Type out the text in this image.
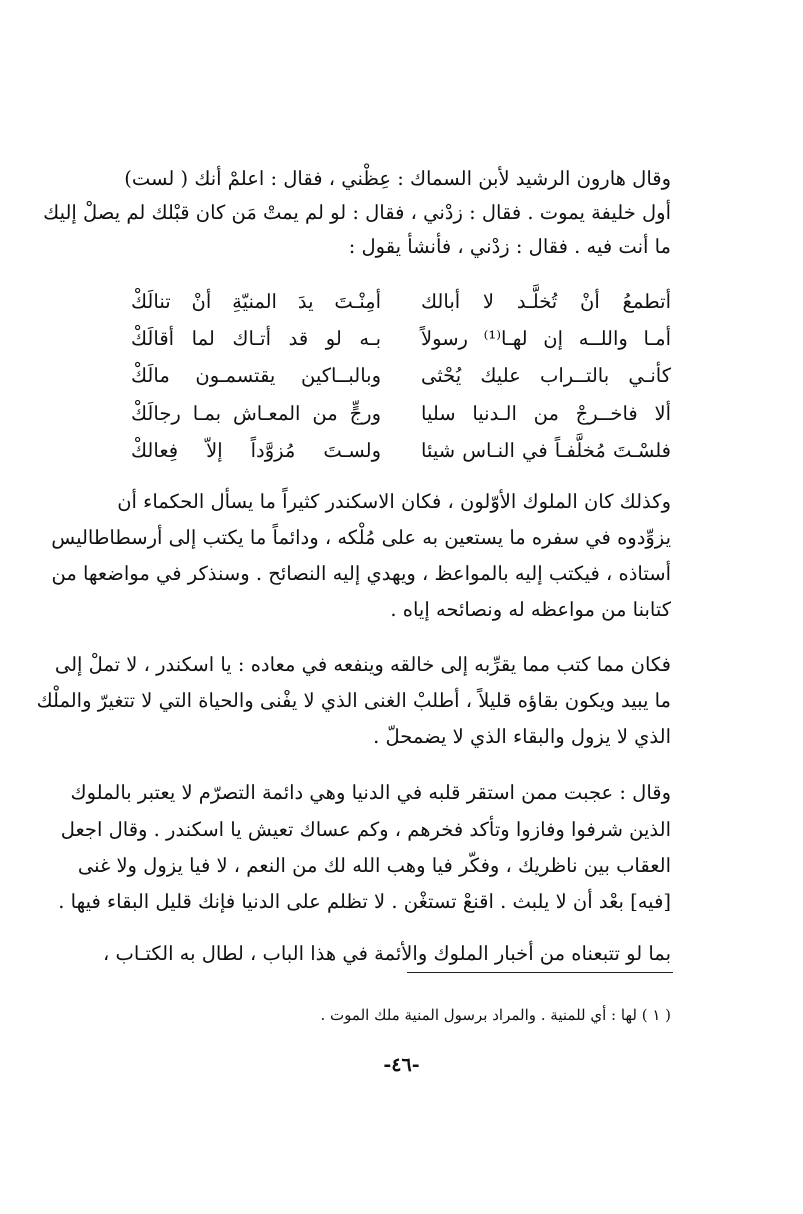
وقال هارون الرشيد لأبن السماك : عِظْني ، فقال : اعلمْ أنك ( لست)
أول خليفة يموت . فقال : زدْني ، فقال : لو لم يمتْ مَن كان قبْلك لم يصلْ إليك
ما أنت فيه . فقال : زدْني ، فأنشأ يقول :
أتطمعُ أنْ تُخلَّـد لا أبالك
أمِنْـتَ يدَ المنيّةِ أنْ تنالَكْ
أمـا واللــه إن لهـا⁽¹⁾ رسولاً
بـه لو قد أتـاك لما أقالَكْ
كأنـي بالتــراب عليك يُحْثى
وبالبــاكين يقتسمـون مالَكْ
ألا فاخــرجْ من الـدنيا سليا
ورجٍّ من المعـاش بمـا رجالَكْ
فلسْـتَ مُخلَّفـاً في النـاس شيئا
ولسـتَ مُزوَّداً إلاّ فِعالكْ
وكذلك كان الملوك الأوّلون ، فكان الاسكندر كثيراً ما يسأل الحكماء أن
يزوِّدوه في سفره ما يستعين به على مُلْكه ، ودائماً ما يكتب إلى أرسطاطاليس
أستاذه ، فيكتب إليه بالمواعظ ، ويهدي إليه النصائح . وسنذكر في مواضعها من
كتابنا من مواعظه له ونصائحه إياه .
فكان مما كتب مما يقرِّبه إلى خالقه وينفعه في معاده : يا اسكندر ، لا تملْ إلى
ما يبيد ويكون بقاؤه قليلاً ، أطلبْ الغنى الذي لا يفْنى والحياة التي لا تتغيرّ والملْك
الذي لا يزول والبقاء الذي لا يضمحلّ .
وقال : عجبت ممن استقر قلبه في الدنيا وهي دائمة التصرّم لا يعتبر بالملوك
الذين شرفوا وفازوا وتأكد فخرهم ، وكم عساك تعيش يا اسكندر . وقال اجعل
العقاب بين ناظريك ، وفكّر فيا وهب الله لك من النعم ، لا فيا يزول ولا غنى
[فيه] بعْد أن لا يلبث . اقنعْ تستغْن . لا تظلم على الدنيا فإنك قليل البقاء فيها .
بما لو تتبعناه من أخبار الملوك والأئمة في هذا الباب ، لطال به الكتـاب ،
( ١ ) لها : أي للمنية . والمراد برسول المنية ملك الموت .
-٤٦-
